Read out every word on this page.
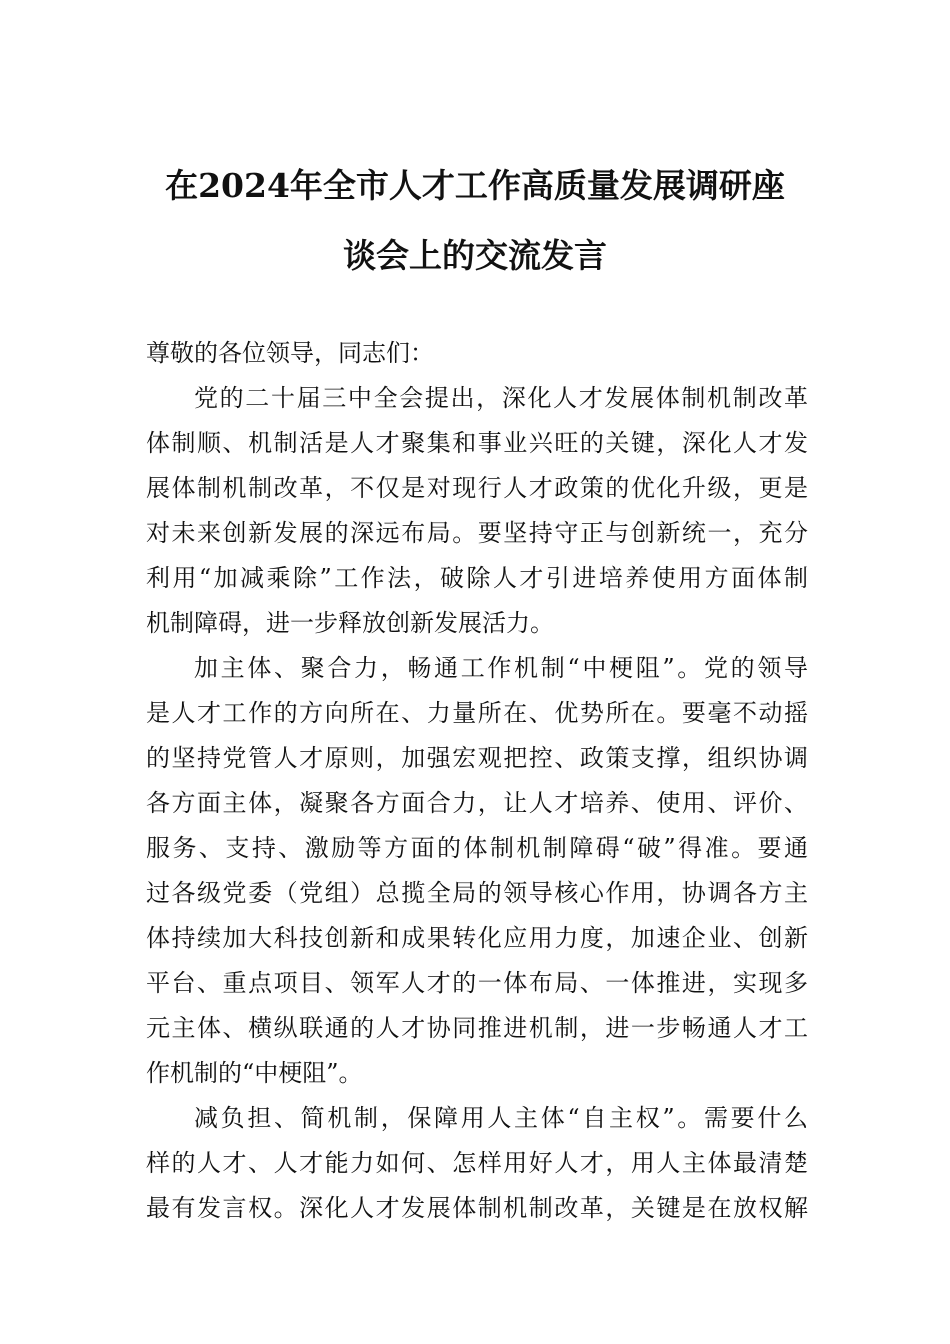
在2024年全市人才工作高质量发展调研座
谈会上的交流发言

尊敬的各位领导，同志们：

党的二十届三中全会提出，深化人才发展体制机制改革

体制顺、机制活是人才聚集和事业兴旺的关键，深化人才发

展体制机制改革，不仅是对现行人才政策的优化升级，更是

对未来创新发展的深远布局。要坚持守正与创新统一，充分

利用“加减乘除”工作法，破除人才引进培养使用方面体制

机制障碍，进一步释放创新发展活力。

加主体、聚合力，畅通工作机制“中梗阻”。党的领导

是人才工作的方向所在、力量所在、优势所在。要毫不动摇

的坚持党管人才原则，加强宏观把控、政策支撑，组织协调

各方面主体，凝聚各方面合力，让人才培养、使用、评价、

服务、支持、激励等方面的体制机制障碍“破”得准。要通

过各级党委（党组）总揽全局的领导核心作用，协调各方主

体持续加大科技创新和成果转化应用力度，加速企业、创新

平台、重点项目、领军人才的一体布局、一体推进，实现多

元主体、横纵联通的人才协同推进机制，进一步畅通人才工

作机制的“中梗阻”。

减负担、简机制，保障用人主体“自主权”。需要什么

样的人才、人才能力如何、怎样用好人才，用人主体最清楚

最有发言权。深化人才发展体制机制改革，关键是在放权解
